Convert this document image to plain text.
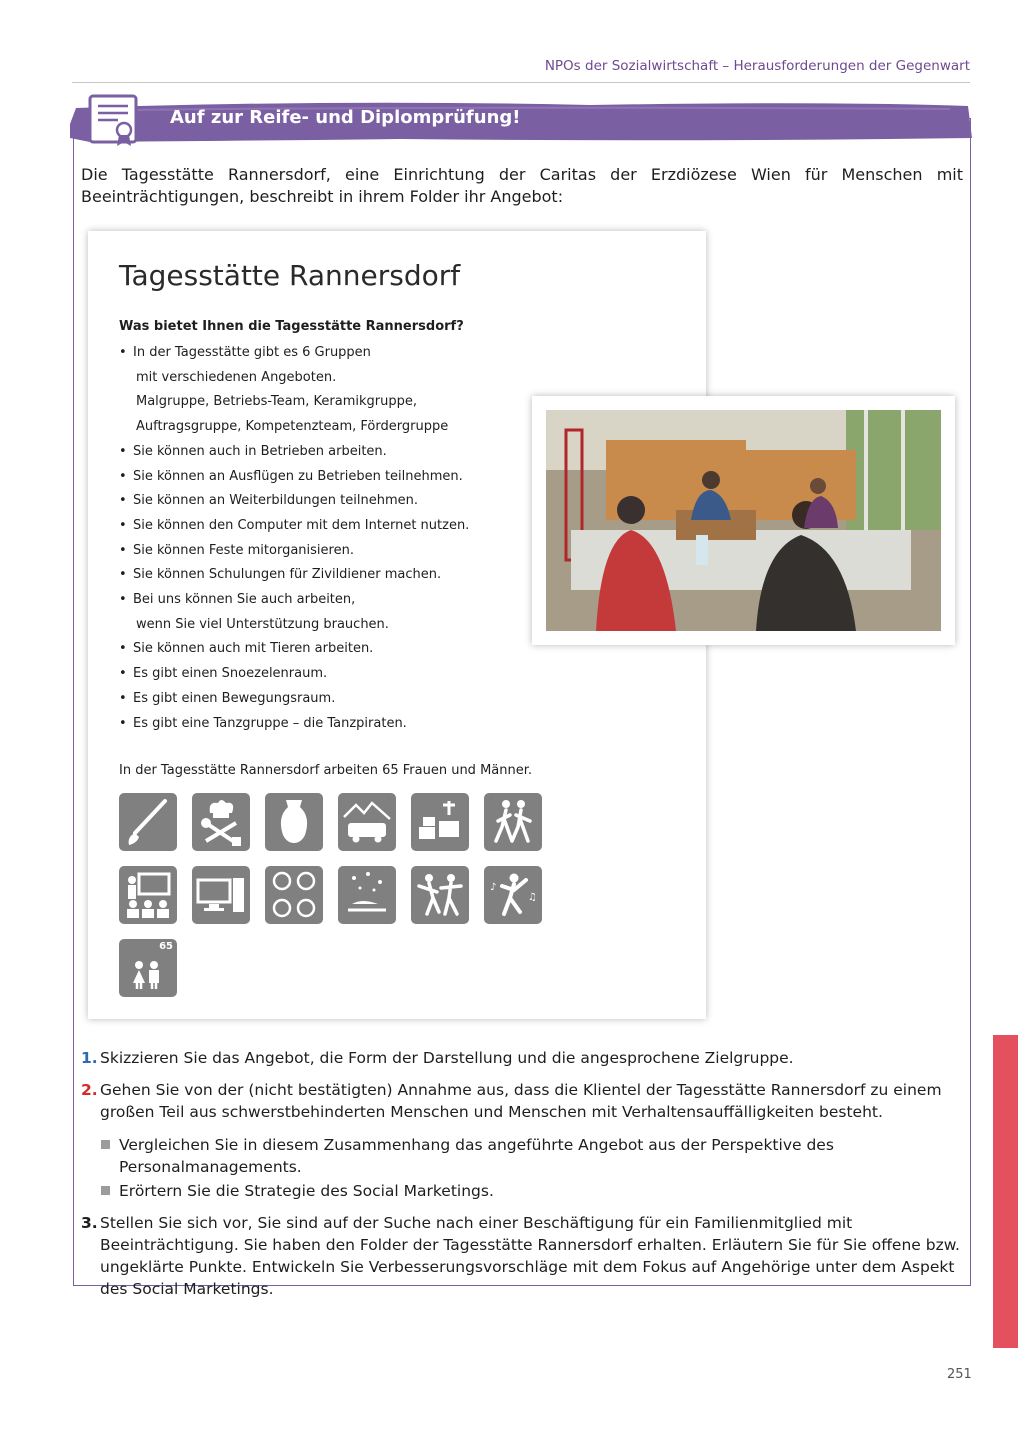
NPOs der Sozialwirtschaft – Herausforderungen der Gegenwart
Auf zur Reife- und Diplomprüfung!
Die Tagesstätte Rannersdorf, eine Einrichtung der Caritas der Erzdiözese Wien für Menschen mit Beeinträchtigungen, beschreibt in ihrem Folder ihr Angebot:
Tagesstätte Rannersdorf
Was bietet Ihnen die Tagesstätte Rannersdorf?
• In der Tagesstätte gibt es 6 Gruppen
mit verschiedenen Angeboten.
Malgruppe, Betriebs-Team, Keramikgruppe,
Auftragsgruppe, Kompetenzteam, Fördergruppe
• Sie können auch in Betrieben arbeiten.
• Sie können an Ausflügen zu Betrieben teilnehmen.
• Sie können an Weiterbildungen teilnehmen.
• Sie können den Computer mit dem Internet nutzen.
• Sie können Feste mitorganisieren.
• Sie können Schulungen für Zivildiener machen.
• Bei uns können Sie auch arbeiten,
wenn Sie viel Unterstützung brauchen.
• Sie können auch mit Tieren arbeiten.
• Es gibt einen Snoezelenraum.
• Es gibt einen Bewegungsraum.
• Es gibt eine Tanzgruppe – die Tanzpiraten.
In der Tagesstätte Rannersdorf arbeiten 65 Frauen und Männer.
♪
♫
65
1. Skizzieren Sie das Angebot, die Form der Darstellung und die angesprochene Zielgruppe.
2. Gehen Sie von der (nicht bestätigten) Annahme aus, dass die Klientel der Tagesstätte Rannersdorf zu einem großen Teil aus schwerstbehinderten Menschen und Menschen mit Verhaltensauffälligkeiten besteht.
Vergleichen Sie in diesem Zusammenhang das angeführte Angebot aus der Perspektive des Personalmanagements.
Erörtern Sie die Strategie des Social Marketings.
3. Stellen Sie sich vor, Sie sind auf der Suche nach einer Beschäftigung für ein Familienmitglied mit Beeinträchtigung. Sie haben den Folder der Tagesstätte Rannersdorf erhalten. Erläutern Sie für Sie offene bzw. ungeklärte Punkte. Entwickeln Sie Verbesserungsvorschläge mit dem Fokus auf Angehörige unter dem Aspekt des Social Marketings.
251
